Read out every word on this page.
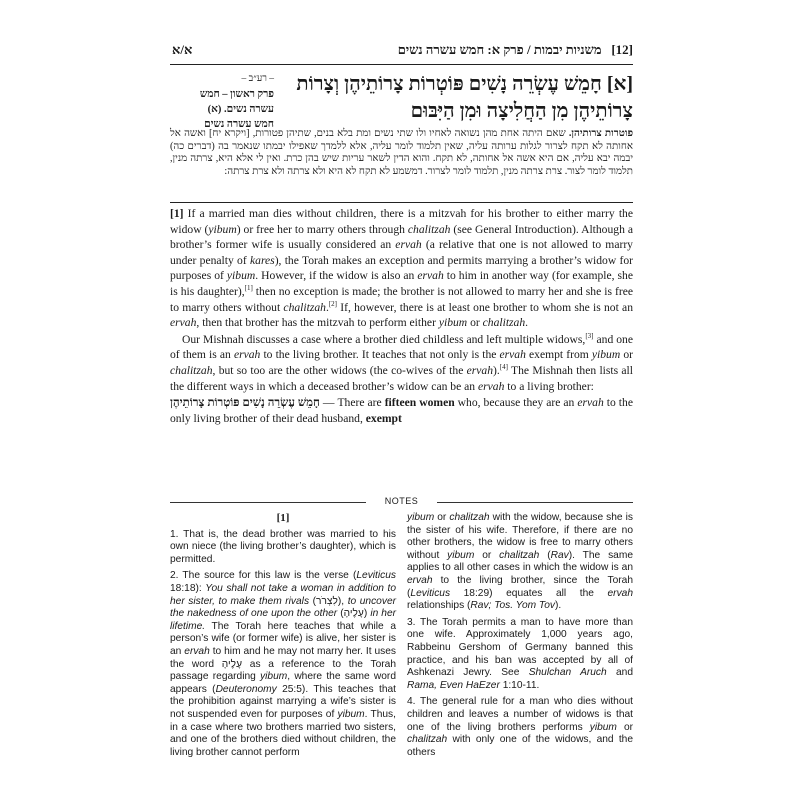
א/א	[12]   משניות יבמות / פרק א: חמש עשרה נשים
– רע״ב –
פרק ראשון – חמש
עשרה נשים. (א)
חמש עשרה נשים
[א] חָמֵשׁ עֶשְׂרֵה נָשִׁים פּוֹטְרוֹת צָרוֹתֵיהֶן וְצָרוֹת צָרוֹתֵיהֶן מִן הַחֲלִיצָה וּמִן הַיִּבּוּם
פוטרות צרותיהן. שאם היתה אחת מהן נשואה לאחיו ולו שתי נשים ומת בלא בנים, שתיהן פטורות, [ויקרא יח] ואשה אל אחותה לא תקח לצרור לגלות ערותה עליה, שאין תלמוד לומר עליה, אלא ללמדך שאפילו יבמתו שנאמר בה (דברים כה) יבמה יבא עליה, אם היא אשה אל אחותה, לא תקח. והוא הדין לשאר עריות שיש בהן כרת. ואין לי אלא היא, צרתה מנין, תלמוד לומר לצור. צרת צרתה מנין, תלמוד לומר לצרור. דמשמע לא תקח לא היא ולא צרתה ולא צרת צרתה:

[1] If a married man dies without children, there is a mitzvah for his brother to either marry the widow (yibum) or free her to marry others through chalitzah (see General Introduction). Although a brother’s former wife is usually considered an ervah (a relative that one is not allowed to marry under penalty of kares), the Torah makes an exception and permits marrying a brother’s widow for purposes of yibum. However, if the widow is also an ervah to him in another way (for example, she is his daughter),[1] then no exception is made; the brother is not allowed to marry her and she is free to marry others without chalitzah.[2] If, however, there is at least one brother to whom she is not an ervah, then that brother has the mitzvah to perform either yibum or chalitzah.

Our Mishnah discusses a case where a brother died childless and left multiple widows,[3] and one of them is an ervah to the living brother. It teaches that not only is the ervah exempt from yibum or chalitzah, but so too are the other widows (the co-wives of the ervah).[4] The Mishnah then lists all the different ways in which a deceased brother’s widow can be an ervah to a living brother:

חָמֵשׁ עֶשְׂרֵה נָשִׁים פּוֹטְרוֹת צָרוֹתֵיהֶן — There are fifteen women who, because they are an ervah to the only living brother of their dead husband, exempt

NOTES
[1]

1. That is, the dead brother was married to his own niece (the living brother’s daughter), which is permitted.

2. The source for this law is the verse (Leviticus 18:18): You shall not take a woman in addition to her sister, to make them rivals (לִצְרֹר), to uncover the nakedness of one upon the other (עָלֶיהָ) in her lifetime. The Torah here teaches that while a person’s wife (or former wife) is alive, her sister is an ervah to him and he may not marry her. It uses the word עָלֶיהָ as a reference to the Torah passage regarding yibum, where the same word appears (Deuteronomy 25:5). This teaches that the prohibition against marrying a wife’s sister is not suspended even for purposes of yibum. Thus, in a case where two brothers married two sisters, and one of the brothers died without children, the living brother cannot perform

yibum or chalitzah with the widow, because she is the sister of his wife. Therefore, if there are no other brothers, the widow is free to marry others without yibum or chalitzah (Rav). The same applies to all other cases in which the widow is an ervah to the living brother, since the Torah (Leviticus 18:29) equates all the ervah relationships (Rav; Tos. Yom Tov).

3. The Torah permits a man to have more than one wife. Approximately 1,000 years ago, Rabbeinu Gershom of Germany banned this practice, and his ban was accepted by all of Ashkenazi Jewry. See Shulchan Aruch and Rama, Even HaEzer 1:10-11.

4. The general rule for a man who dies without children and leaves a number of widows is that one of the living brothers performs yibum or chalitzah with only one of the widows, and the others
